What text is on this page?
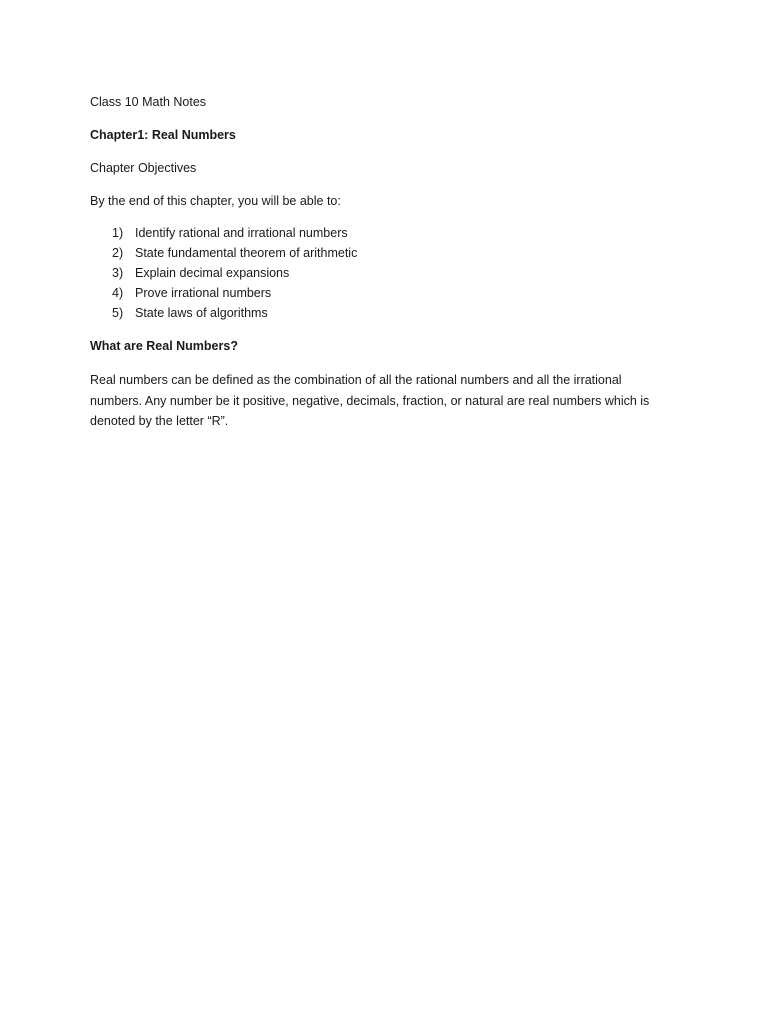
Class 10 Math Notes
Chapter1: Real Numbers
Chapter Objectives
By the end of this chapter, you will be able to:
1) Identify rational and irrational numbers
2) State fundamental theorem of arithmetic
3) Explain decimal expansions
4) Prove irrational numbers
5) State laws of algorithms
What are Real Numbers?
Real numbers can be defined as the combination of all the rational numbers and all the irrational
numbers. Any number be it positive, negative, decimals, fraction, or natural are real numbers which is
denoted by the letter “R”.
